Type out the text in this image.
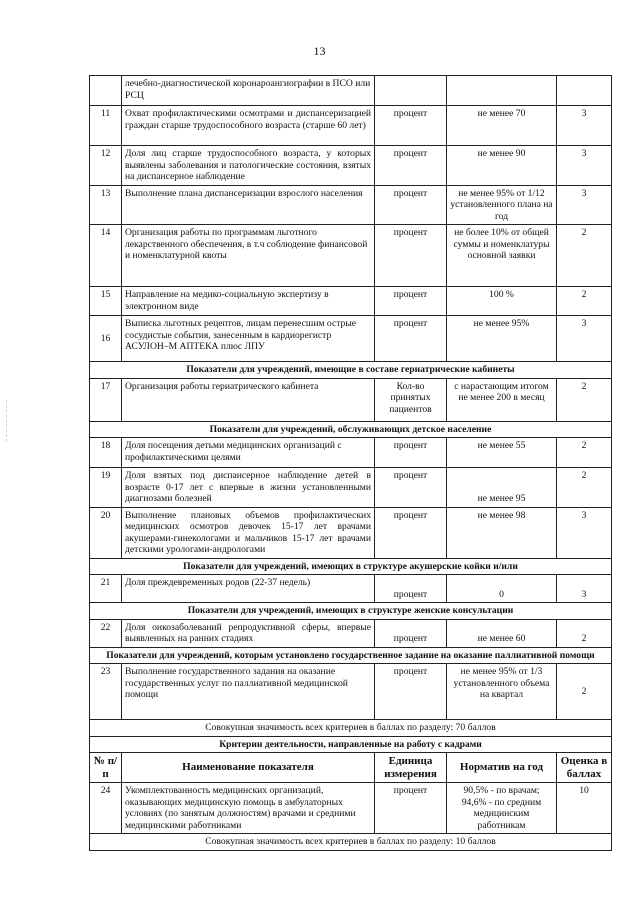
13
	лечебно-диагностической коронароангиографии в ПСО или РСЦ			
11	Охват профилактическими осмотрами и диспансеризацией граждан старше трудоспособного возраста (старше 60 лет)	процент	не менее 70	3
12	Доля лиц старше трудоспособного возраста, у которых выявлены заболевания и патологические состояния, взятых на диспансерное наблюдение	процент	не менее 90	3
13	Выполнение плана диспансеризации взрослого населения	процент	не менее 95% от 1/12 установленного плана на год	3
14	Организация работы по программам льготного лекарственного обеспечения, в т.ч соблюдение финансовой и номенклатурной квоты	процент	не более 10% от общей суммы и номенклатуры основной заявки	2
15	Направление на медико-социальную экспертизу в электронном виде	процент	100 %	2
16	Выписка льготных рецептов, лицам перенесшим острые сосудистые события, занесенным в кардиорегистр АСУЛОН–М АПТЕКА плюс ЛПУ	процент	не менее 95%	3
Показатели для учреждений, имеющие в составе гериатрические кабинеты				
17	Организация работы гериатрического кабинета	Кол-во принятых пациентов	с нарастающим итогом не менее 200 в месяц	2
Показатели для учреждений, обслуживающих детское население				
18	Доля посещения детьми медицинских организаций с профилактическими целями	процент	не менее 55	2
19	Доля взятых под диспансерное наблюдение детей в возрасте 0-17 лет с впервые в жизни установленными диагнозами болезней	процент	не менее 95	2
20	Выполнение плановых объемов профилактических медицинских осмотров девочек 15-17 лет врачами акушерами-гинекологами и мальчиков 15-17 лет врачами детскими урологами-андрологами	процент	не менее 98	3
Показатели для учреждений, имеющих в структуре акушерские койки и/или				
21	Доля преждевременных родов (22-37 недель)	процент	0	3
Показатели для учреждений, имеющих в структуре женские консультации				
22	Доля онкозаболеваний репродуктивной сферы, впервые выявленных на ранних стадиях	процент	не менее 60	2
Показатели для учреждений, которым установлено государственное задание на оказание паллиативной помощи				
23	Выполнение государственного задания на оказание государственных услуг по паллиативной медицинской помощи	процент	не менее 95% от 1/3 установленного объема на квартал	2
Совокупная значимость всех критериев в баллах по разделу: 70 баллов				
Критерии деятельности, направленные на работу с кадрами				
№ п/п	Наименование показателя	Единица измерения	Норматив на год	Оценка в баллах
24	Укомплектованность медицинских организаций, оказывающих медицинскую помощь в амбулаторных условиях (по занятым должностям) врачами и средними медицинскими работниками	процент	90,5% - по врачам; 94,6% - по средним медицинским работникам	10
Совокупная значимость всех критериев в баллах по разделу: 10 баллов				
